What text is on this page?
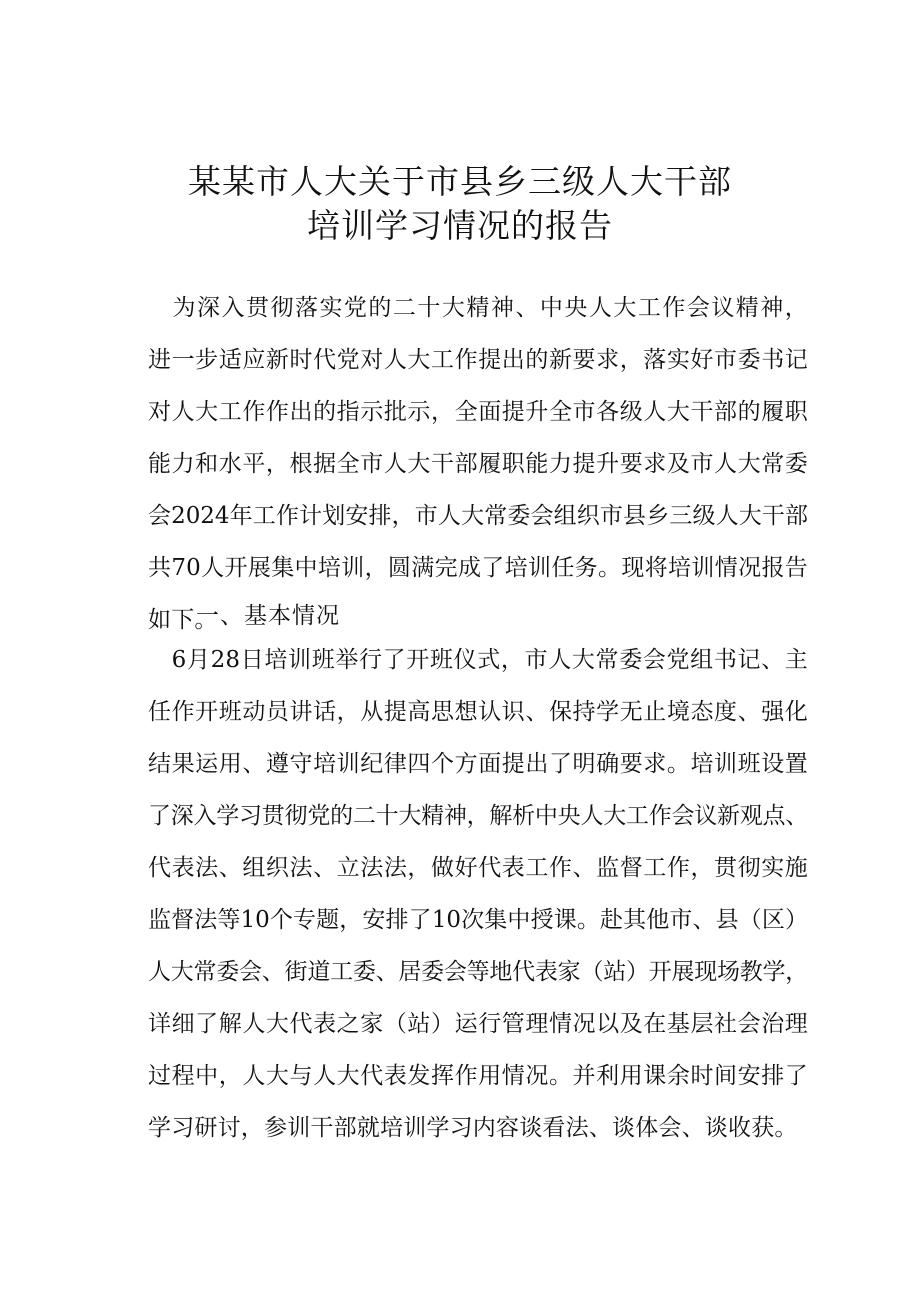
某某市人大关于市县乡三级人大干部
培训学习情况的报告
　为深入贯彻落实党的二十大精神、中央人大工作会议精神，
进一步适应新时代党对人大工作提出的新要求，落实好市委书记
对人大工作作出的指示批示，全面提升全市各级人大干部的履职
能力和水平，根据全市人大干部履职能力提升要求及市人大常委
会2024年工作计划安排，市人大常委会组织市县乡三级人大干部
共70人开展集中培训，圆满完成了培训任务。现将培训情况报告
如下。
一、基本情况
　6月28日培训班举行了开班仪式，市人大常委会党组书记、主
任作开班动员讲话，从提高思想认识、保持学无止境态度、强化
结果运用、遵守培训纪律四个方面提出了明确要求。培训班设置
了深入学习贯彻党的二十大精神，解析中央人大工作会议新观点、
代表法、组织法、立法法，做好代表工作、监督工作，贯彻实施
监督法等10个专题，安排了10次集中授课。赴其他市、县（区）
人大常委会、街道工委、居委会等地代表家（站）开展现场教学，
详细了解人大代表之家（站）运行管理情况以及在基层社会治理
过程中，人大与人大代表发挥作用情况。并利用课余时间安排了
学习研讨，参训干部就培训学习内容谈看法、谈体会、谈收获。
